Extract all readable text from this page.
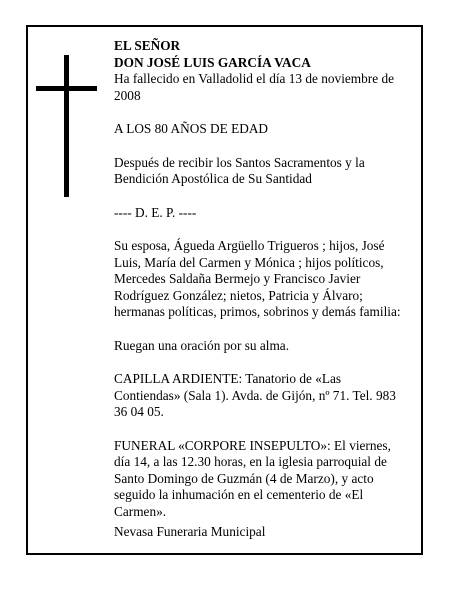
EL SEÑOR

DON JOSÉ LUIS GARCÍA VACA

Ha fallecido en Valladolid el día 13 de noviembre de 2008

A LOS 80 AÑOS DE EDAD

Después de recibir los Santos Sacramentos y la Bendición Apostólica de Su Santidad

---- D. E. P. ----

Su esposa, Águeda Argüello Trigueros ; hijos, José Luis, María del Carmen y Mónica ; hijos políticos, Mercedes Saldaña Bermejo y Francisco Javier Rodríguez González; nietos, Patricia y Álvaro; hermanas políticas, primos, sobrinos y demás familia:

Ruegan una oración por su alma.

CAPILLA ARDIENTE: Tanatorio de «Las Contiendas» (Sala 1). Avda. de Gijón, nº 71. Tel. 983 36 04 05.

FUNERAL «CORPORE INSEPULTO»: El viernes, día 14, a las 12.30 horas, en la iglesia parroquial de Santo Domingo de Guzmán (4 de Marzo), y acto seguido la inhumación en el cementerio de «El Carmen».

Nevasa Funeraria Municipal
